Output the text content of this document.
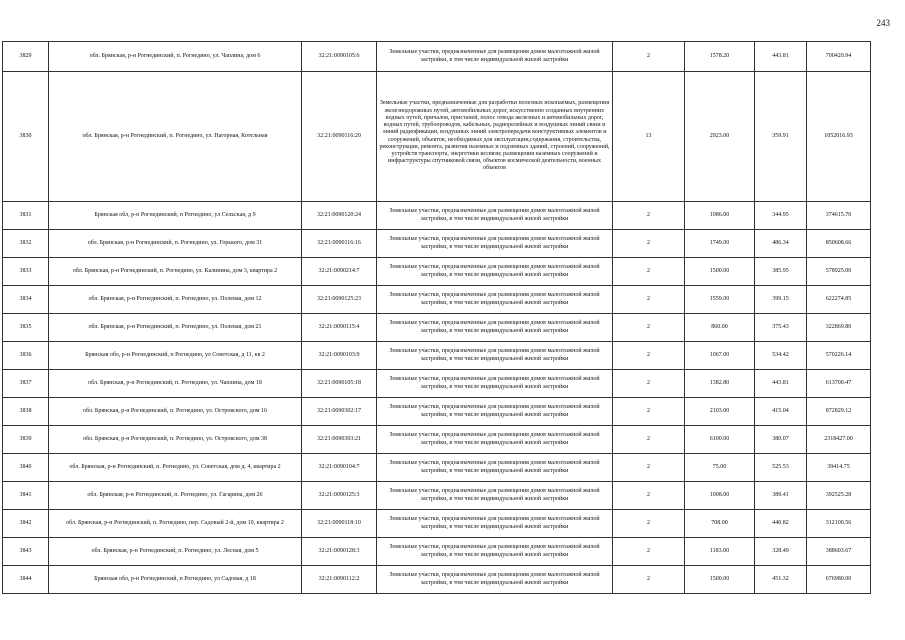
243
3829	обл. Брянская, р-н Рогнединский, п. Рогнедино, ул. Чаплина, дом 6	32:21:0090105:6	Земельные участки, предназначенные для размещения домов малоэтажной жилой застройки, в том числе индивидуальной жилой застройки	2	1578.20	443.81	700420.94
3830	обл. Брянская, р-н Рогнединский, п. Рогнедино, ул. Нагорная, Котельная	32:21:0090116:20	Земельные участки, предназначенные для разработки полезных ископаемых, размещения железнодорожных путей, автомобильных дорог, искусственно созданных внутренних водных путей, причалов, пристаней, полос отвода железных и автомобильных дорог, водных путей, трубопроводов, кабельных, радиорелейных и воздушных линий связи и линий радиофикации, воздушных линий электропередачи конструктивных элементов и сооружений, объектов, необходимых для эксплуатации,содержания, строительства, реконструкции, ремонта, развития наземных и подземных зданий, строений, сооружений, устройств транспорта, энергетики иссвязи; размещения наземных сооружений и инфраструктуры спутниковой связи, объектов космической деятельности, военных объектов	13	2923.00	359.91	1052016.93
3831	Брянская обл, р-н Рогнединский, п Рогнедино, ул Сельская, д 9	32:21:0090120:24	Земельные участки, предназначенные для размещения домов малоэтажной жилой застройки, в том числе индивидуальной жилой застройки	2	1086.00	344.95	374615.70
3832	обл. Брянская, р-н Рогнединский, п. Рогнедино, ул. Горького, дом 31	32:21:0090116:16	Земельные участки, предназначенные для размещения домов малоэтажной жилой застройки, в том числе индивидуальной жилой застройки	2	1749.00	486.34	850608.66
3833	обл. Брянская, р-н Рогнединский, п. Рогнедино, ул. Калинина, дом 3, квартира 2	32:21:0090214:7	Земельные участки, предназначенные для размещения домов малоэтажной жилой застройки, в том числе индивидуальной жилой застройки	2	1500.00	385.95	578925.00
3834	обл. Брянская, р-н Рогнединский, п. Рогнедино, ул. Полевая, дом 12	32:21:0090125:23	Земельные участки, предназначенные для размещения домов малоэтажной жилой застройки, в том числе индивидуальной жилой застройки	2	1559.00	399.15	622274.85
3835	обл. Брянская, р-н Рогнединский, п. Рогнедино, ул. Полевая, дом 21	32:21:0090115:4	Земельные участки, предназначенные для размещения домов малоэтажной жилой застройки, в том числе индивидуальной жилой застройки	2	860.00	375.43	322869.80
3836	Брянская обл, р-н Рогнединский, п Рогнедино, ул Советская, д 11, кв 2	32:21:0090103:9	Земельные участки, предназначенные для размещения домов малоэтажной жилой застройки, в том числе индивидуальной жилой застройки	2	1067.00	534.42	570226.14
3837	обл. Брянская, р-н Рогнединский, п. Рогнедино, ул. Чаплина, дом 18	32:21:0090105:18	Земельные участки, предназначенные для размещения домов малоэтажной жилой застройки, в том числе индивидуальной жилой застройки	2	1382.80	443.81	613700.47
3838	обл. Брянская, р-н Рогнединский, п. Рогнедино, ул. Островского, дом 16	32:21:0090302:17	Земельные участки, предназначенные для размещения домов малоэтажной жилой застройки, в том числе индивидуальной жилой застройки	2	2103.00	415.04	872829.12
3839	обл. Брянская, р-н Рогнединский, п. Рогнедино, ул. Островского, дом 38	32:21:0090303:21	Земельные участки, предназначенные для размещения домов малоэтажной жилой застройки, в том числе индивидуальной жилой застройки	2	6100.00	380.07	2318427.00
3840	обл. Брянская, р-н Рогнединский, п. Рогнедино, ул. Советская, дом д. 4, квартира 2	32:21:0090104:7	Земельные участки, предназначенные для размещения домов малоэтажной жилой застройки, в том числе индивидуальной жилой застройки	2	75.00	525.53	39414.75
3841	обл. Брянская, р-н Рогнединский, п. Рогнедино, ул. Гагарина, дом 26	32:21:0090125:3	Земельные участки, предназначенные для размещения домов малоэтажной жилой застройки, в том числе индивидуальной жилой застройки	2	1008.00	389.41	392525.28
3842	обл. Брянская, р-н Рогнединский, п. Рогнедино, пер. Садовый 2-й, дом 10, квартира 2	32:21:0090118:10	Земельные участки, предназначенные для размещения домов малоэтажной жилой застройки, в том числе индивидуальной жилой застройки	2	708.00	440.82	312100.56
3843	обл. Брянская, р-н Рогнединский, п. Рогнедино, ул. Лесная, дом 5	32:21:0090128:3	Земельные участки, предназначенные для размещения домов малоэтажной жилой застройки, в том числе индивидуальной жилой застройки	2	1183.00	328.49	388603.67
3844	Брянская обл, р-н Рогнединский, п Рогнедино, ул Садовая, д 18	32:21:0090112:2	Земельные участки, предназначенные для размещения домов малоэтажной жилой застройки, в том числе индивидуальной жилой застройки	2	1500.00	451.32	676980.00
